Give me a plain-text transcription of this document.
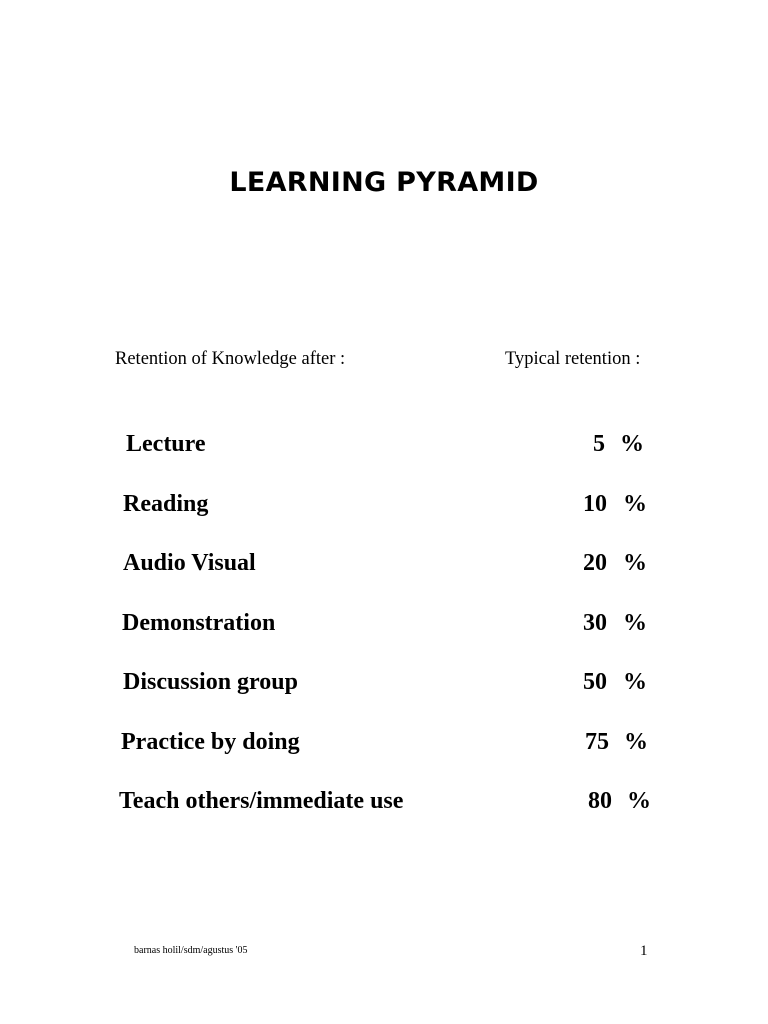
LEARNING PYRAMID
Retention of Knowledge after :	Typical retention :
Lecture	5 %
Reading	10 %
Audio Visual	20 %
Demonstration	30 %
Discussion group	50 %
Practice by doing	75 %
Teach others/immediate use	80 %
barnas holil/sdm/agustus '05	1
